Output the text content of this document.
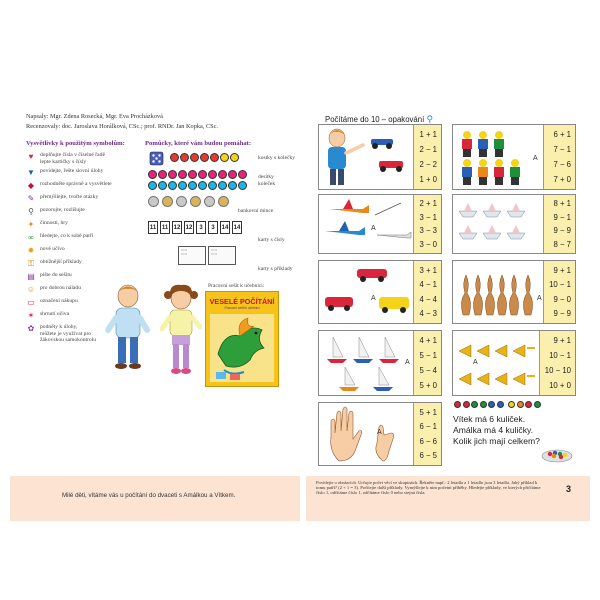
Napsaly: Mgr. Zdena Rosecká, Mgr. Eva Procházková
Recenzovaly: doc. Jaroslava Horálková, CSc.; prof. RNDr. Jan Kopka, CSc.
Vysvětlivky k použitým symbolům:
♥	doplňujte čísla v číselné řadě
lepte kartičky s čísly
▼ povídejte, řešte slovní úlohy
◆	rozhodněte správně a vysvětlete
✎ přemýšlejte, tvořte otázky
⚲	pozorujte, rozlišujte
✦ činnosti, hry
∞	hledejte, co k sobě patří
✹ nové učivo
⚿	obtížnější příklady
▤ pište do sešitu
☺ pro dobrou náladu
▭ označení nákupu
✶ shrnutí učiva
✿ podněty k úlohy,
můžete je využívat pro
žákovskou samokontrolu
Pomůcky, které vám budou pomáhat:
kostky s kolečky
desítky
koleček
bankovní mince
11 11 12 12	3	3	14 14
karty s čísly
▭ ▭
▭ ▭
▭ ▭
▭ ▭
karty s příklady
Pracovní sešit k učebnici:
VESELÉ POČÍTÁNÍ
Pracovní sešit k učebnici
Milé děti, vítáme vás u počítání do dvaceti s Amálkou a Vítkem.
Povídejte o obrázcích. Určujte počet věcí ve skupinách. Řekněte např.: 2 letadla a 1 letadlo jsou 3 letadla. Jaký příklad k tomu patří? (2 + 1 = 3). Počítejte další příklady. Vymýšlejte k nim početní příběhy. Hledejte příklady, ve kterých přičítáme číslo 1, odčítáme číslo 1, odčítáme číslo 0 nebo stejná čísla.	3
Počítáme do 10 – opakování ⚲
1 + 1
2 − 1
2 − 2
1 + 0
A
6 + 1
7 − 1
7 − 6
7 + 0
A
2 + 1
3 − 1
3 − 3
3 − 0
8 + 1
9 − 1
9 − 9
8 − 7
A
3 + 1
4 − 1
4 − 4
4 − 3
A
9 + 1
10 − 1
9 − 0
9 − 9
A
4 + 1
5 − 1
5 − 4
5 + 0
A
9 + 1
10 − 1
10 − 10
10 + 0
A
5 + 1
6 − 1
6 − 6
6 − 5
Vítek má 6 kuliček.
Amálka má 4 kuličky.
Kolik jich mají celkem?
